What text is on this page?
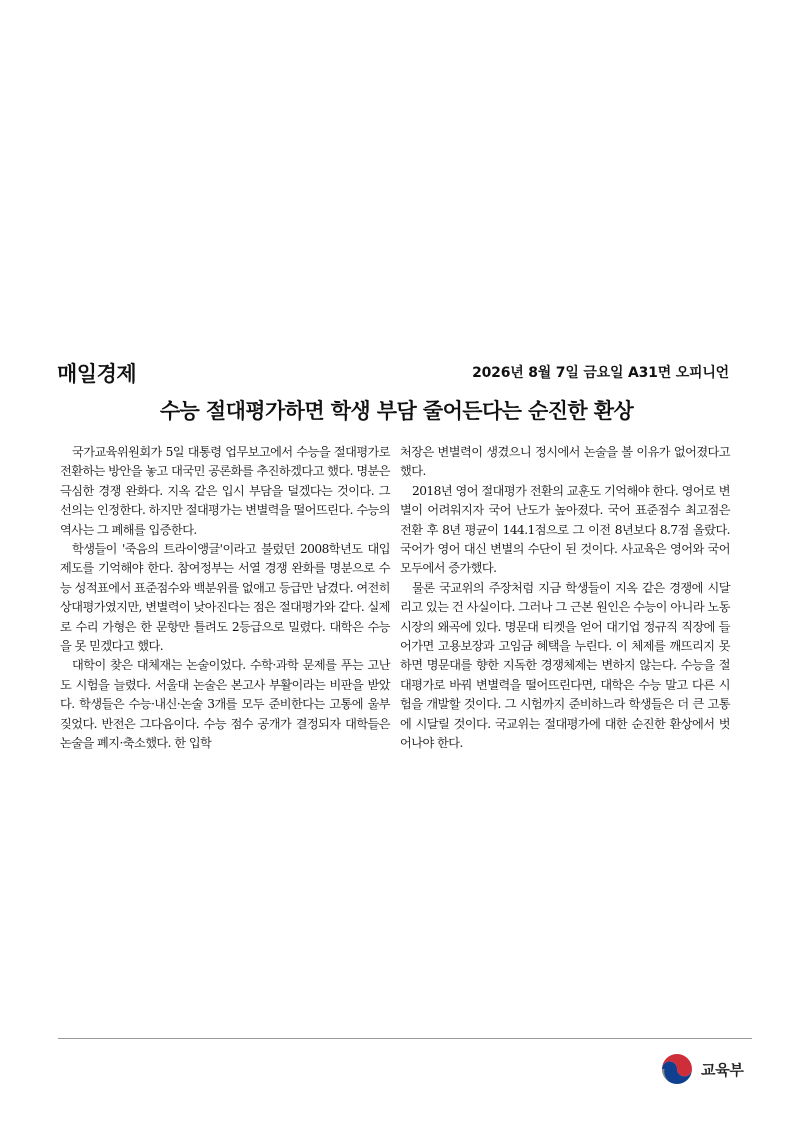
매일경제	2026년 8월 7일 금요일 A31면 오피니언
수능 절대평가하면 학생 부담 줄어든다는 순진한 환상

국가교육위원회가 5일 대통령 업무보고에서 수능을 절대평가로 전환하는 방안을 놓고 대국민 공론화를 추진하겠다고 했다. 명분은 극심한 경쟁 완화다. 지옥 같은 입시 부담을 덜겠다는 것이다. 그 선의는 인정한다. 하지만 절대평가는 변별력을 떨어뜨린다. 수능의 역사는 그 폐해를 입증한다.

학생들이 '죽음의 트라이앵글'이라고 불렀던 2008학년도 대입 제도를 기억해야 한다. 참여정부는 서열 경쟁 완화를 명분으로 수능 성적표에서 표준점수와 백분위를 없애고 등급만 남겼다. 여전히 상대평가였지만, 변별력이 낮아진다는 점은 절대평가와 같다. 실제로 수리 가형은 한 문항만 틀려도 2등급으로 밀렸다. 대학은 수능을 못 믿겠다고 했다.

대학이 찾은 대체재는 논술이었다. 수학·과학 문제를 푸는 고난도 시험을 늘렸다. 서울대 논술은 본고사 부활이라는 비판을 받았다. 학생들은 수능·내신·논술 3개를 모두 준비한다는 고통에 울부짖었다. 반전은 그다음이다. 수능 점수 공개가 결정되자 대학들은 논술을 폐지·축소했다. 한 입학

처장은 변별력이 생겼으니 정시에서 논술을 볼 이유가 없어졌다고 했다.

2018년 영어 절대평가 전환의 교훈도 기억해야 한다. 영어로 변별이 어려워지자 국어 난도가 높아졌다. 국어 표준점수 최고점은 전환 후 8년 평균이 144.1점으로 그 이전 8년보다 8.7점 올랐다. 국어가 영어 대신 변별의 수단이 된 것이다. 사교육은 영어와 국어 모두에서 증가했다.

물론 국교위의 주장처럼 지금 학생들이 지옥 같은 경쟁에 시달리고 있는 건 사실이다. 그러나 그 근본 원인은 수능이 아니라 노동시장의 왜곡에 있다. 명문대 티켓을 얻어 대기업 정규직 직장에 들어가면 고용보장과 고임금 혜택을 누린다. 이 체제를 깨뜨리지 못하면 명문대를 향한 지독한 경쟁체제는 변하지 않는다. 수능을 절대평가로 바꿔 변별력을 떨어뜨린다면, 대학은 수능 말고 다른 시험을 개발할 것이다. 그 시험까지 준비하느라 학생들은 더 큰 고통에 시달릴 것이다. 국교위는 절대평가에 대한 순진한 환상에서 벗어나야 한다.

교육부
